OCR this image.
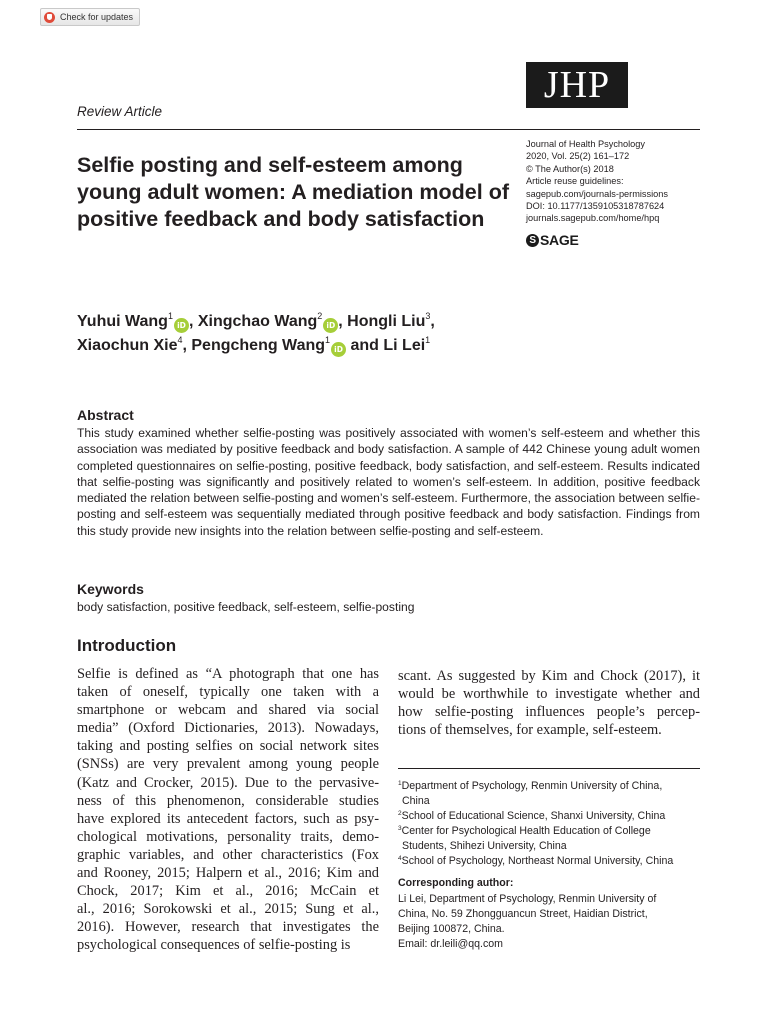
Check for updates
JHP
Review Article
Journal of Health Psychology
2020, Vol. 25(2) 161–172
© The Author(s) 2018
Article reuse guidelines:
sagepub.com/journals-permissions
DOI: 10.1177/1359105318787624
journals.sagepub.com/home/hpq
S SAGE
Selfie posting and self-esteem among young adult women: A mediation model of positive feedback and body satisfaction
Yuhui Wang$^1$iD , Xingchao Wang$^2$iD , Hongli Liu$^3$,
Xiaochun Xie$^4$, Pengcheng Wang$^1$iD and Li Lei$^1$
Abstract
This study examined whether selfie-posting was positively associated with women’s self-esteem and whether this association was mediated by positive feedback and body satisfaction. A sample of 442 Chinese young adult women completed questionnaires on selfie-posting, positive feedback, body satisfaction, and self-esteem. Results indicated that selfie-posting was significantly and positively related to women’s self-esteem. In addition, positive feedback mediated the relation between selfie-posting and women’s self-esteem. Furthermore, the association between selfie-posting and self-esteem was sequentially mediated through positive feedback and body satisfaction. Findings from this study provide new insights into the relation between selfie-posting and self-esteem.
Keywords
body satisfaction, positive feedback, self-esteem, selfie-posting
Introduction
Selfie is defined as “A photograph that one has
taken of oneself, typically one taken with a
smartphone or webcam and shared via social
media” (Oxford Dictionaries, 2013). Nowadays,
taking and posting selfies on social network sites
(SNSs) are very prevalent among young people
(Katz and Crocker, 2015). Due to the pervasive-
ness of this phenomenon, considerable studies
have explored its antecedent factors, such as psy-
chological motivations, personality traits, demo-
graphic variables, and other characteristics (Fox
and Rooney, 2015; Halpern et al., 2016; Kim and
Chock, 2017; Kim et al., 2016; McCain et
al., 2016; Sorokowski et al., 2015; Sung et al.,
2016). However, research that investigates the
psychological consequences of selfie-posting is
scant. As suggested by Kim and Chock (2017), it
would be worthwhile to investigate whether and
how selfie-posting influences people’s percep-
tions of themselves, for example, self-esteem.
$^1$Department of Psychology, Renmin University of China,
China
$^2$School of Educational Science, Shanxi University, China
$^3$Center for Psychological Health Education of College
Students, Shihezi University, China
$^4$School of Psychology, Northeast Normal University, China
Corresponding author:
Li Lei, Department of Psychology, Renmin University of
China, No. 59 Zhongguancun Street, Haidian District,
Beijing 100872, China.
Email: dr.leili@qq.com
